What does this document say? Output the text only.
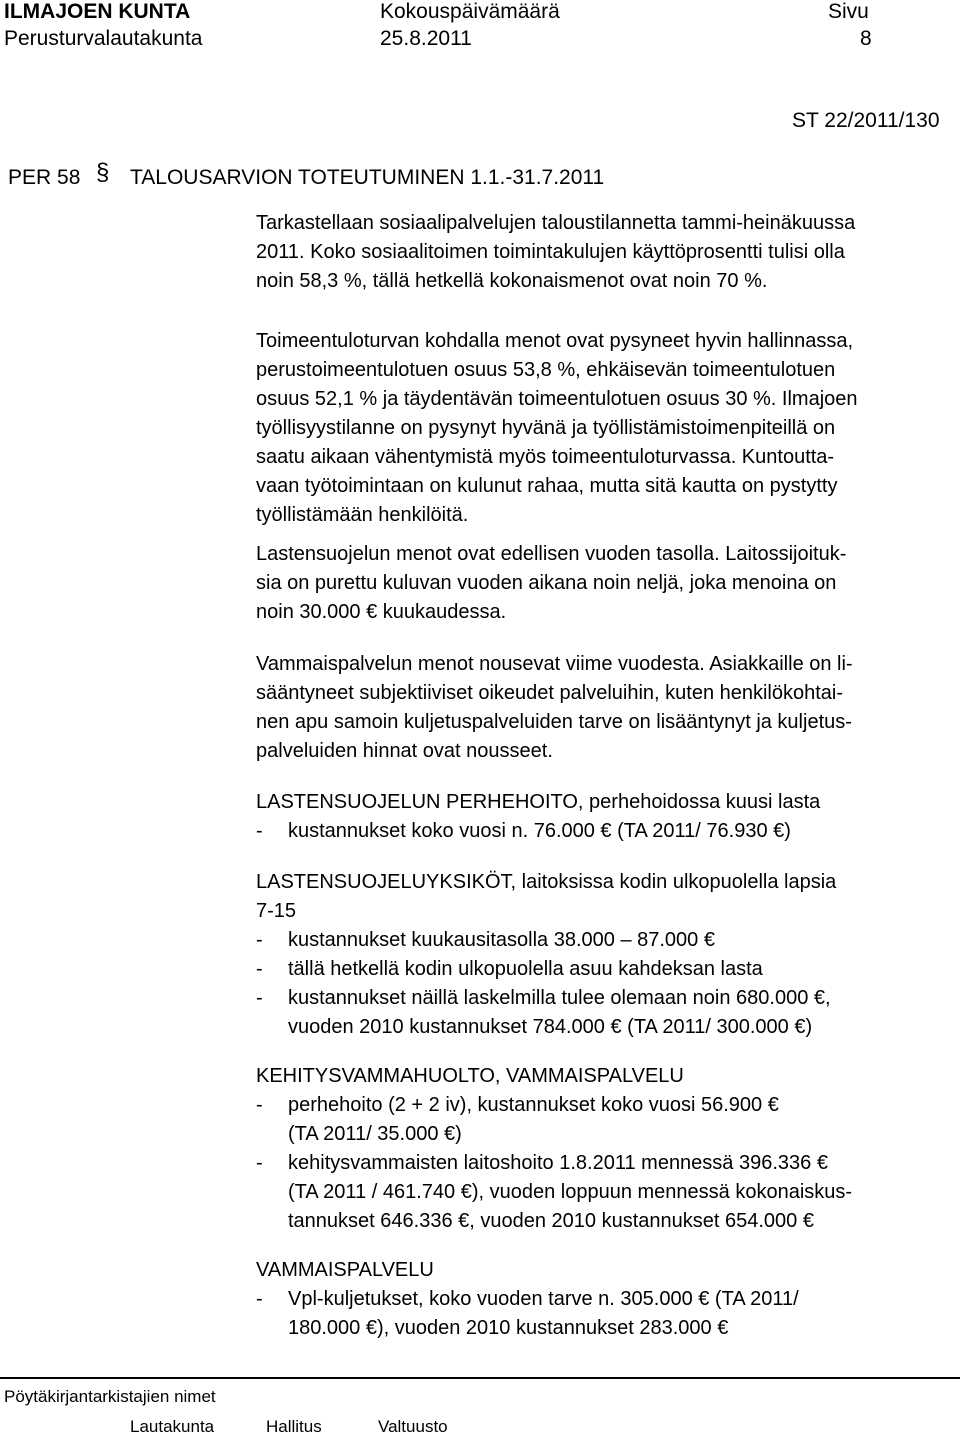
ILMAJOEN KUNTA
Perusturvalautakunta
Kokouspäivämäärä
25.8.2011
Sivu
8
ST 22/2011/130
PER 58 § TALOUSARVION TOTEUTUMINEN 1.1.-31.7.2011
Tarkastellaan sosiaalipalvelujen taloustilannetta tammi-heinäkuussa
2011. Koko sosiaalitoimen toimintakulujen käyttöprosentti tulisi olla
noin 58,3 %, tällä hetkellä kokonaismenot ovat noin 70 %.
Toimeentuloturvan kohdalla menot ovat pysyneet hyvin hallinnassa,
perustoimeentulotuen osuus 53,8 %, ehkäisevän toimeentulotuen
osuus 52,1 % ja täydentävän toimeentulotuen osuus 30 %. Ilmajoen
työllisyystilanne on pysynyt hyvänä ja työllistämistoimenpiteillä on
saatu aikaan vähentymistä myös toimeentuloturvassa. Kuntoutta-
vaan työtoimintaan on kulunut rahaa, mutta sitä kautta on pystytty
työllistämään henkilöitä.
Lastensuojelun menot ovat edellisen vuoden tasolla. Laitossijoituk-
sia on purettu kuluvan vuoden aikana noin neljä, joka menoina on
noin 30.000 € kuukaudessa.
Vammaispalvelun menot nousevat viime vuodesta. Asiakkaille on li-
sääntyneet subjektiiviset oikeudet palveluihin, kuten henkilökohtai-
nen apu samoin kuljetuspalveluiden tarve on lisääntynyt ja kuljetus-
palveluiden hinnat ovat nousseet.
LASTENSUOJELUN PERHEHOITO, perhehoidossa kuusi lasta
- kustannukset koko vuosi n. 76.000 € (TA 2011/ 76.930 €)
LASTENSUOJELUYKSIKÖT, laitoksissa kodin ulkopuolella lapsia
7-15
- kustannukset kuukausitasolla 38.000 – 87.000 €
- tällä hetkellä kodin ulkopuolella asuu kahdeksan lasta
- kustannukset näillä laskelmilla tulee olemaan noin 680.000 €,
vuoden 2010 kustannukset 784.000 € (TA 2011/ 300.000 €)
KEHITYSVAMMAHUOLTO, VAMMAISPALVELU
- perhehoito (2 + 2 iv), kustannukset koko vuosi 56.900 €
(TA 2011/ 35.000 €)
- kehitysvammaisten laitoshoito 1.8.2011 mennessä 396.336 €
(TA 2011 / 461.740 €), vuoden loppuun mennessä kokonaiskus-
tannukset 646.336 €, vuoden 2010 kustannukset 654.000 €
VAMMAISPALVELU
- Vpl-kuljetukset, koko vuoden tarve n. 305.000 € (TA 2011/
180.000 €), vuoden 2010 kustannukset 283.000 €
Pöytäkirjantarkistajien nimet
Lautakunta	Hallitus	Valtuusto
